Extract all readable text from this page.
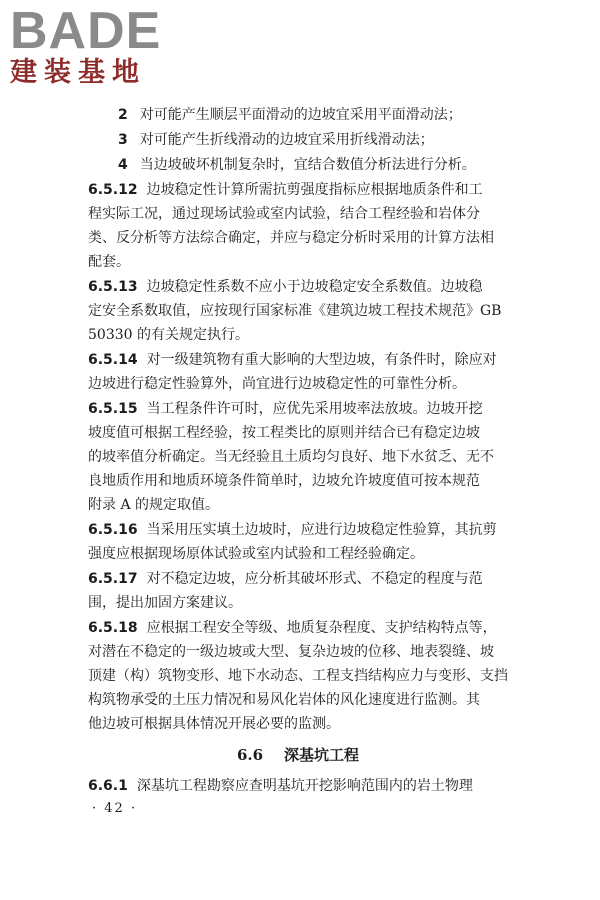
BADE
建装基地
2 对可能产生顺层平面滑动的边坡宜采用平面滑动法；
3 对可能产生折线滑动的边坡宜采用折线滑动法；
4 当边坡破坏机制复杂时，宜结合数值分析法进行分析。
6.5.12 边坡稳定性计算所需抗剪强度指标应根据地质条件和工
程实际工况，通过现场试验或室内试验，结合工程经验和岩体分
类、反分析等方法综合确定，并应与稳定分析时采用的计算方法相
配套。
6.5.13 边坡稳定性系数不应小于边坡稳定安全系数值。边坡稳
定安全系数取值，应按现行国家标准《建筑边坡工程技术规范》GB
50330 的有关规定执行。
6.5.14 对一级建筑物有重大影响的大型边坡，有条件时，除应对
边坡进行稳定性验算外，尚宜进行边坡稳定性的可靠性分析。
6.5.15 当工程条件许可时，应优先采用坡率法放坡。边坡开挖
坡度值可根据工程经验，按工程类比的原则并结合已有稳定边坡
的坡率值分析确定。当无经验且土质均匀良好、地下水贫乏、无不
良地质作用和地质环境条件简单时，边坡允许坡度值可按本规范
附录 A 的规定取值。
6.5.16 当采用压实填土边坡时，应进行边坡稳定性验算，其抗剪
强度应根据现场原体试验或室内试验和工程经验确定。
6.5.17 对不稳定边坡，应分析其破坏形式、不稳定的程度与范
围，提出加固方案建议。
6.5.18 应根据工程安全等级、地质复杂程度、支护结构特点等，
对潜在不稳定的一级边坡或大型、复杂边坡的位移、地表裂缝、坡
顶建（构）筑物变形、地下水动态、工程支挡结构应力与变形、支挡
构筑物承受的土压力情况和易风化岩体的风化速度进行监测。其
他边坡可根据具体情况开展必要的监测。
6.6 深基坑工程
6.6.1 深基坑工程勘察应查明基坑开挖影响范围内的岩土物理
· 42 ·
